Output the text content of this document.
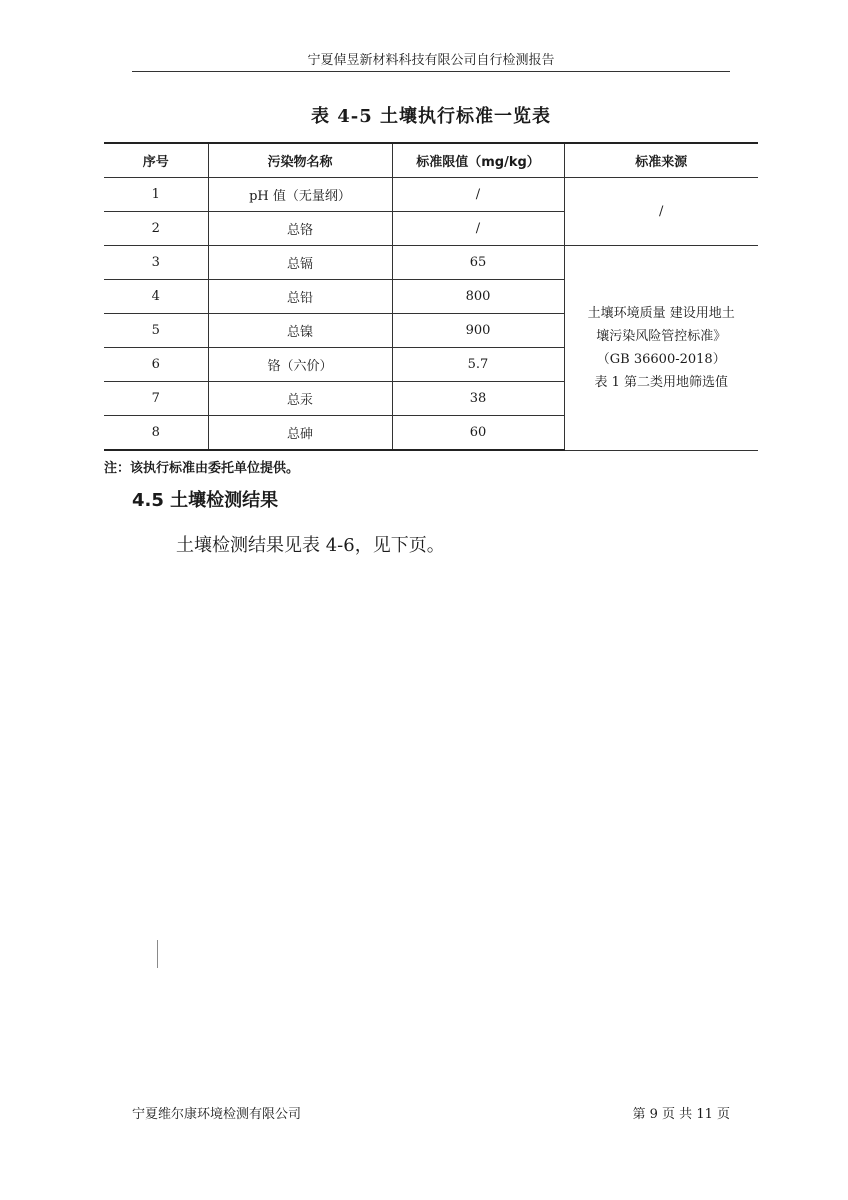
宁夏倬昱新材料科技有限公司自行检测报告
表 4-5 土壤执行标准一览表
序号	污染物名称	标准限值（mg/kg）	标准来源
1	pH 值（无量纲）	/	/
2	总铬	/	
3	总镉	65	土壤环境质量 建设用地土
壤污染风险管控标准》
（GB 36600-2018）
表 1 第二类用地筛选值

4	总铅	800	
5	总镍	900	
6	铬（六价）	5.7	
7	总汞	38	
8	总砷	60	
注：该执行标准由委托单位提供。
4.5 土壤检测结果
土壤检测结果见表 4-6，见下页。
宁夏维尔康环境检测有限公司	第 9 页 共 11 页
